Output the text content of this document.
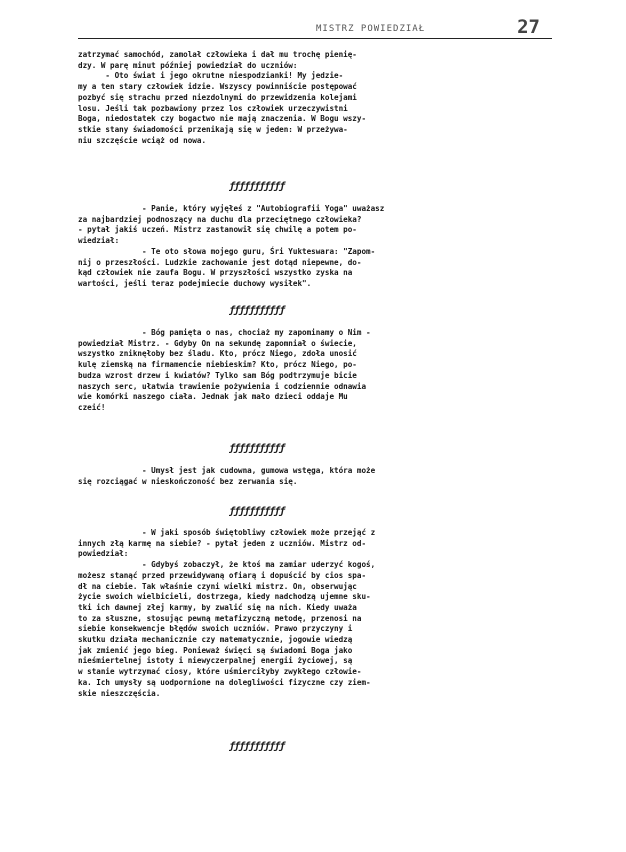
MISTRZ POWIEDZIAŁ	27

zatrzymać samochód, zamolał człowieka i dał mu trochę pienię-
dzy. W parę minut później powiedział do uczniów:
- Oto świat i jego okrutne niespodzianki! My jedzie-
my a ten stary człowiek idzie. Wszyscy powinniście postępować
pozbyć się strachu przed niezdolnymi do przewidzenia kolejami
losu. Jeśli tak pozbawiony przez los człowiek urzeczywistni
Boga, niedostatek czy bogactwo nie mają znaczenia. W Bogu wszy-
stkie stany świadomości przenikają się w jeden: W przeżywa-
niu szczęście wciąż od nowa.

ƒƒƒƒƒƒƒƒƒƒƒ

- Panie, który wyjęłeś z "Autobiografii Yoga" uważasz
za najbardziej podnoszący na duchu dla przeciętnego człowieka?
- pytał jakiś uczeń. Mistrz zastanowił się chwilę a potem po-
wiedział:
- Te oto słowa mojego guru, Śri Yukteswara: "Zapom-
nij o przeszłości. Ludzkie zachowanie jest dotąd niepewne, do-
kąd człowiek nie zaufa Bogu. W przyszłości wszystko zyska na
wartości, jeśli teraz podejmiecie duchowy wysiłek".

ƒƒƒƒƒƒƒƒƒƒƒ

- Bóg pamięta o nas, chociaż my zapominamy o Nim -
powiedział Mistrz. - Gdyby On na sekundę zapomniał o świecie,
wszystko zniknęłoby bez śladu. Kto, prócz Niego, zdoła unosić
kulę ziemską na firmamencie niebieskim? Kto, prócz Niego, po-
budza wzrost drzew i kwiatów? Tylko sam Bóg podtrzymuje bicie
naszych serc, ułatwia trawienie pożywienia i codziennie odnawia
wie komórki naszego ciała. Jednak jak mało dzieci oddaje Mu
czeić!

ƒƒƒƒƒƒƒƒƒƒƒ

- Umysł jest jak cudowna, gumowa wstęga, która może
się rozciągać w nieskończoność bez zerwania się.

ƒƒƒƒƒƒƒƒƒƒƒ

- W jaki sposób świętobliwy człowiek może przejąć z
innych złą karmę na siebie? - pytał jeden z uczniów. Mistrz od-
powiedział:
- Gdybyś zobaczył, że ktoś ma zamiar uderzyć kogoś,
możesz stanąć przed przewidywaną ofiarą i dopuścić by cios spa-
dł na ciebie. Tak właśnie czyni wielki mistrz. On, obserwując
życie swoich wielbicieli, dostrzega, kiedy nadchodzą ujemne sku-
tki ich dawnej złej karmy, by zwalić się na nich. Kiedy uważa
to za słuszne, stosując pewną metafizyczną metodę, przenosi na
siebie konsekwencje błędów swoich uczniów. Prawo przyczyny i
skutku działa mechanicznie czy matematycznie, jogowie wiedzą
jak zmienić jego bieg. Ponieważ święci są świadomi Boga jako
nieśmiertelnej istoty i niewyczerpalnej energii życiowej, są
w stanie wytrzymać ciosy, które uśmierciłyby zwykłego człowie-
ka. Ich umysły są uodpornione na dolegliwości fizyczne czy ziem-
skie nieszczęścia.

ƒƒƒƒƒƒƒƒƒƒƒ
